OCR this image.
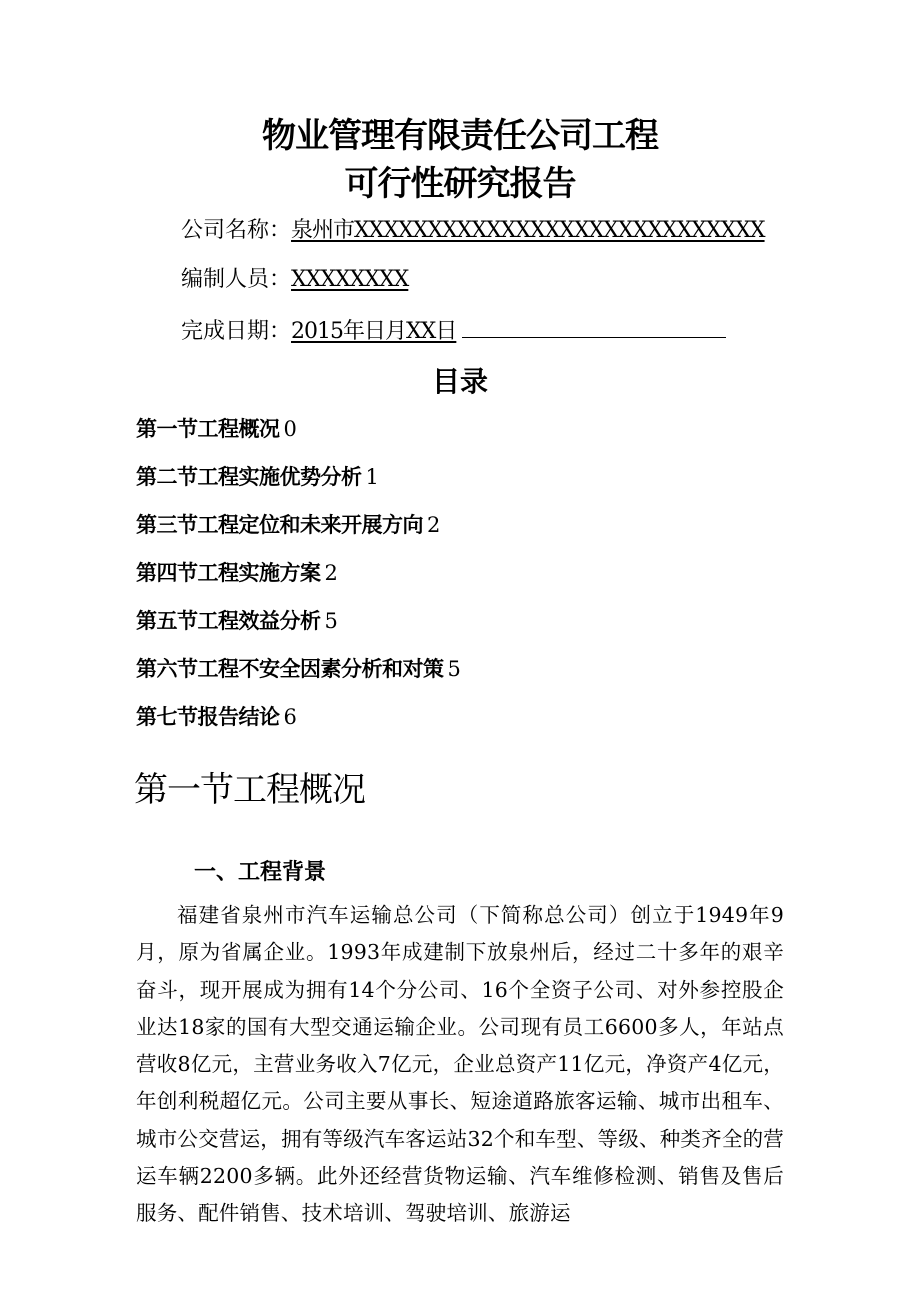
物业管理有限责任公司工程
可行性研究报告
公司名称：泉州市XXXXXXXXXXXXXXXXXXXXXXXXXXXX
编制人员：XXXXXXXX
完成日期：2015年日月XX日
目录
第一节工程概况 0
第二节工程实施优势分析 1
第三节工程定位和未来开展方向 2
第四节工程实施方案 2
第五节工程效益分析 5
第六节工程不安全因素分析和对策 5
第七节报告结论 6
第一节工程概况
一、工程背景

福建省泉州市汽车运输总公司（下简称总公司）创立于1949年9月，原为省属企业。1993年成建制下放泉州后，经过二十多年的艰辛奋斗，现开展成为拥有14个分公司、16个全资子公司、对外参控股企业达18家的国有大型交通运输企业。公司现有员工6600多人，年站点营收8亿元，主营业务收入7亿元，企业总资产11亿元，净资产4亿元，年创利税超亿元。公司主要从事长、短途道路旅客运输、城市出租车、城市公交营运，拥有等级汽车客运站32个和车型、等级、种类齐全的营运车辆2200多辆。此外还经营货物运输、汽车维修检测、销售及售后服务、配件销售、技术培训、驾驶培训、旅游运
